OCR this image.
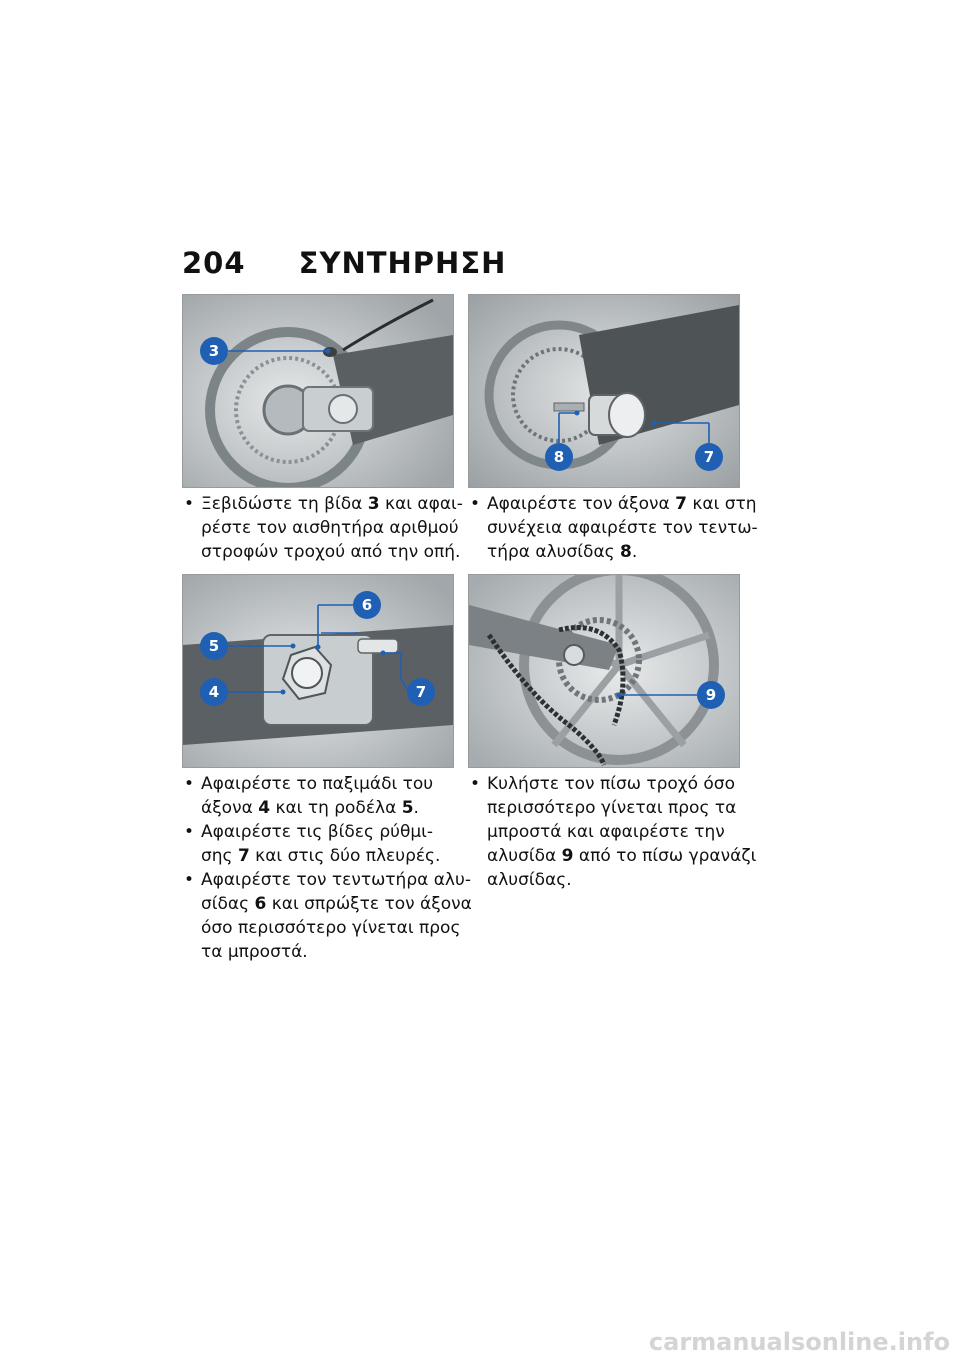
204 ΣΥΝΤΗΡΗΣΗ
3
8	7
6
5
4	7	9
• Ξεβιδώστε τη βίδα 3 και αφαι-
ρέστε τον αισθητήρα αριθμού
στροφών τροχού από την οπή.
• Αφαιρέστε τον άξονα 7 και στη
συνέχεια αφαιρέστε τον τεντω-
τήρα αλυσίδας 8.
• Αφαιρέστε το παξιμάδι του
άξονα 4 και τη ροδέλα 5.
• Αφαιρέστε τις βίδες ρύθμι-
σης 7 και στις δύο πλευρές.
• Αφαιρέστε τον τεντωτήρα αλυ-
σίδας 6 και σπρώξτε τον άξονα
όσο περισσότερο γίνεται προς
τα μπροστά.
• Κυλήστε τον πίσω τροχό όσο
περισσότερο γίνεται προς τα
μπροστά και αφαιρέστε την
αλυσίδα 9 από το πίσω γρανάζι
αλυσίδας.
carmanualsonline.info
